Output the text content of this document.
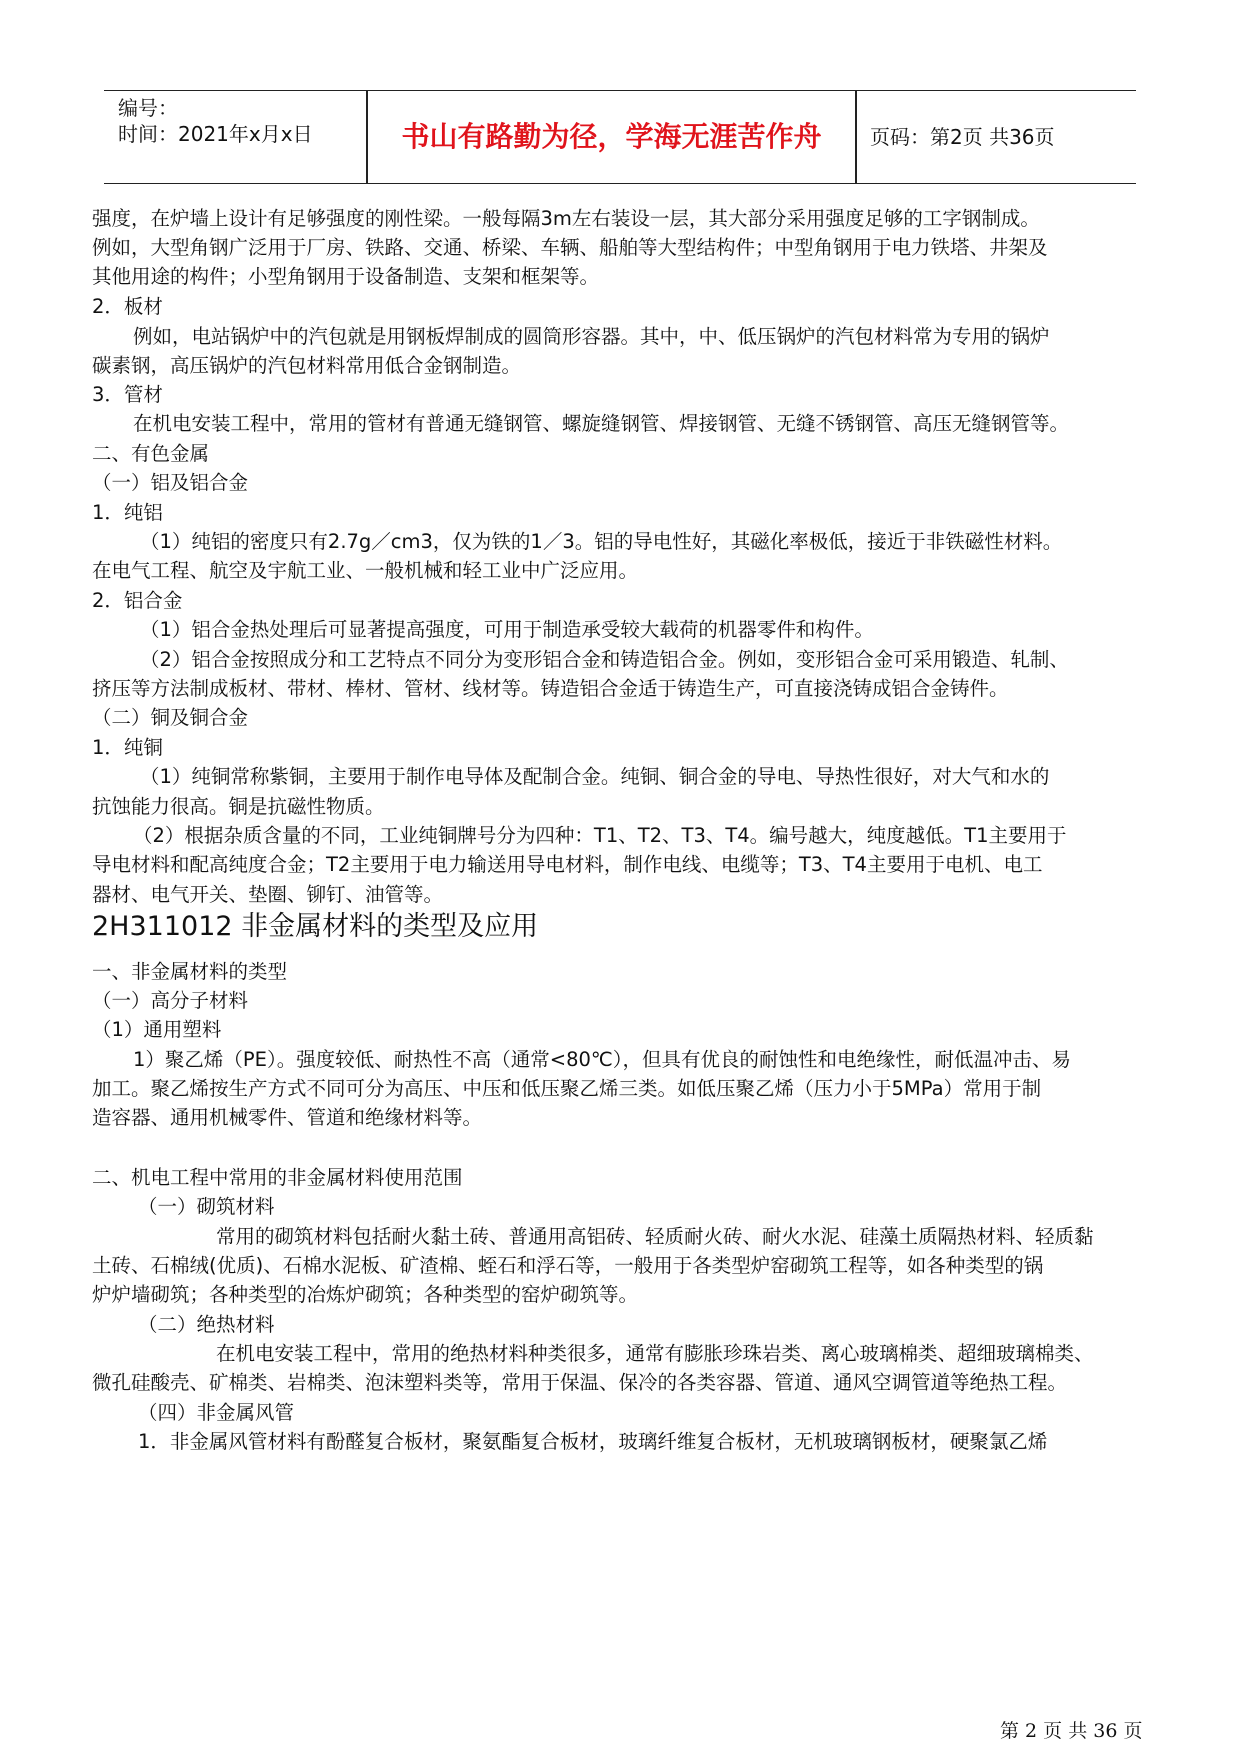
编号：
时间：2021年x月x日	书山有路勤为径，学海无涯苦作舟	页码：第2页 共36页
强度，在炉墙上设计有足够强度的刚性梁。一般每隔3m左右装设一层，其大部分采用强度足够的工字钢制成。
例如，大型角钢广泛用于厂房、铁路、交通、桥梁、车辆、船舶等大型结构件；中型角钢用于电力铁塔、井架及
其他用途的构件；小型角钢用于设备制造、支架和框架等。
2．板材
例如，电站锅炉中的汽包就是用钢板焊制成的圆筒形容器。其中，中、低压锅炉的汽包材料常为专用的锅炉
碳素钢，高压锅炉的汽包材料常用低合金钢制造。
3．管材
在机电安装工程中，常用的管材有普通无缝钢管、螺旋缝钢管、焊接钢管、无缝不锈钢管、高压无缝钢管等。
二、有色金属
（一）铝及铝合金
1．纯铝
（1）纯铝的密度只有2.7g／cm3，仅为铁的1／3。铝的导电性好，其磁化率极低，接近于非铁磁性材料。
在电气工程、航空及宇航工业、一般机械和轻工业中广泛应用。
2．铝合金
（1）铝合金热处理后可显著提高强度，可用于制造承受较大载荷的机器零件和构件。
（2）铝合金按照成分和工艺特点不同分为变形铝合金和铸造铝合金。例如，变形铝合金可采用锻造、轧制、
挤压等方法制成板材、带材、棒材、管材、线材等。铸造铝合金适于铸造生产，可直接浇铸成铝合金铸件。
（二）铜及铜合金
1．纯铜
（1）纯铜常称紫铜，主要用于制作电导体及配制合金。纯铜、铜合金的导电、导热性很好，对大气和水的
抗蚀能力很高。铜是抗磁性物质。
（2）根据杂质含量的不同，工业纯铜牌号分为四种：T1、T2、T3、T4。编号越大，纯度越低。T1主要用于
导电材料和配高纯度合金；T2主要用于电力输送用导电材料，制作电线、电缆等；T3、T4主要用于电机、电工
器材、电气开关、垫圈、铆钉、油管等。
2H311012 非金属材料的类型及应用
一、非金属材料的类型
（一）高分子材料
（1）通用塑料
1）聚乙烯（PE）。强度较低、耐热性不高（通常<80℃），但具有优良的耐蚀性和电绝缘性，耐低温冲击、易
加工。聚乙烯按生产方式不同可分为高压、中压和低压聚乙烯三类。如低压聚乙烯（压力小于5MPa）常用于制
造容器、通用机械零件、管道和绝缘材料等。
二、机电工程中常用的非金属材料使用范围
（一）砌筑材料
常用的砌筑材料包括耐火黏土砖、普通用高铝砖、轻质耐火砖、耐火水泥、硅藻土质隔热材料、轻质黏
土砖、石棉绒(优质)、石棉水泥板、矿渣棉、蛭石和浮石等，一般用于各类型炉窑砌筑工程等，如各种类型的锅
炉炉墙砌筑；各种类型的冶炼炉砌筑；各种类型的窑炉砌筑等。
（二）绝热材料
在机电安装工程中，常用的绝热材料种类很多，通常有膨胀珍珠岩类、离心玻璃棉类、超细玻璃棉类、
微孔硅酸壳、矿棉类、岩棉类、泡沫塑料类等，常用于保温、保冷的各类容器、管道、通风空调管道等绝热工程。
（四）非金属风管
1．非金属风管材料有酚醛复合板材，聚氨酯复合板材，玻璃纤维复合板材，无机玻璃钢板材，硬聚氯乙烯
第 2 页 共 36 页
